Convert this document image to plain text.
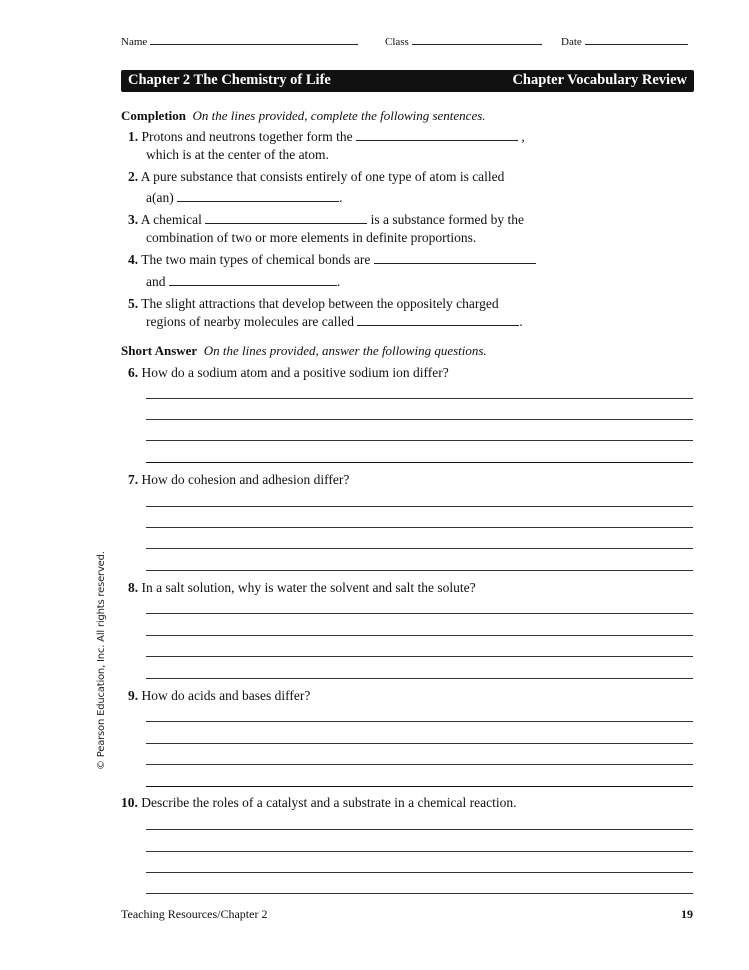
Name	Class	Date
Chapter 2 The Chemistry of Life	Chapter Vocabulary Review
Completion On the lines provided, complete the following sentences.
1. Protons and neutrons together form the	,
which is at the center of the atom.
2. A pure substance that consists entirely of one type of atom is called
a(an)	.
3. A chemical	is a substance formed by the
combination of two or more elements in definite proportions.
4. The two main types of chemical bonds are
and	.
5. The slight attractions that develop between the oppositely charged
regions of nearby molecules are called	.
Short Answer On the lines provided, answer the following questions.
6. How do a sodium atom and a positive sodium ion differ?
7. How do cohesion and adhesion differ?
8. In a salt solution, why is water the solvent and salt the solute?
9. How do acids and bases differ?
10. Describe the roles of a catalyst and a substrate in a chemical reaction.
© Pearson Education, Inc. All rights reserved.
Teaching Resources/Chapter 2	19
